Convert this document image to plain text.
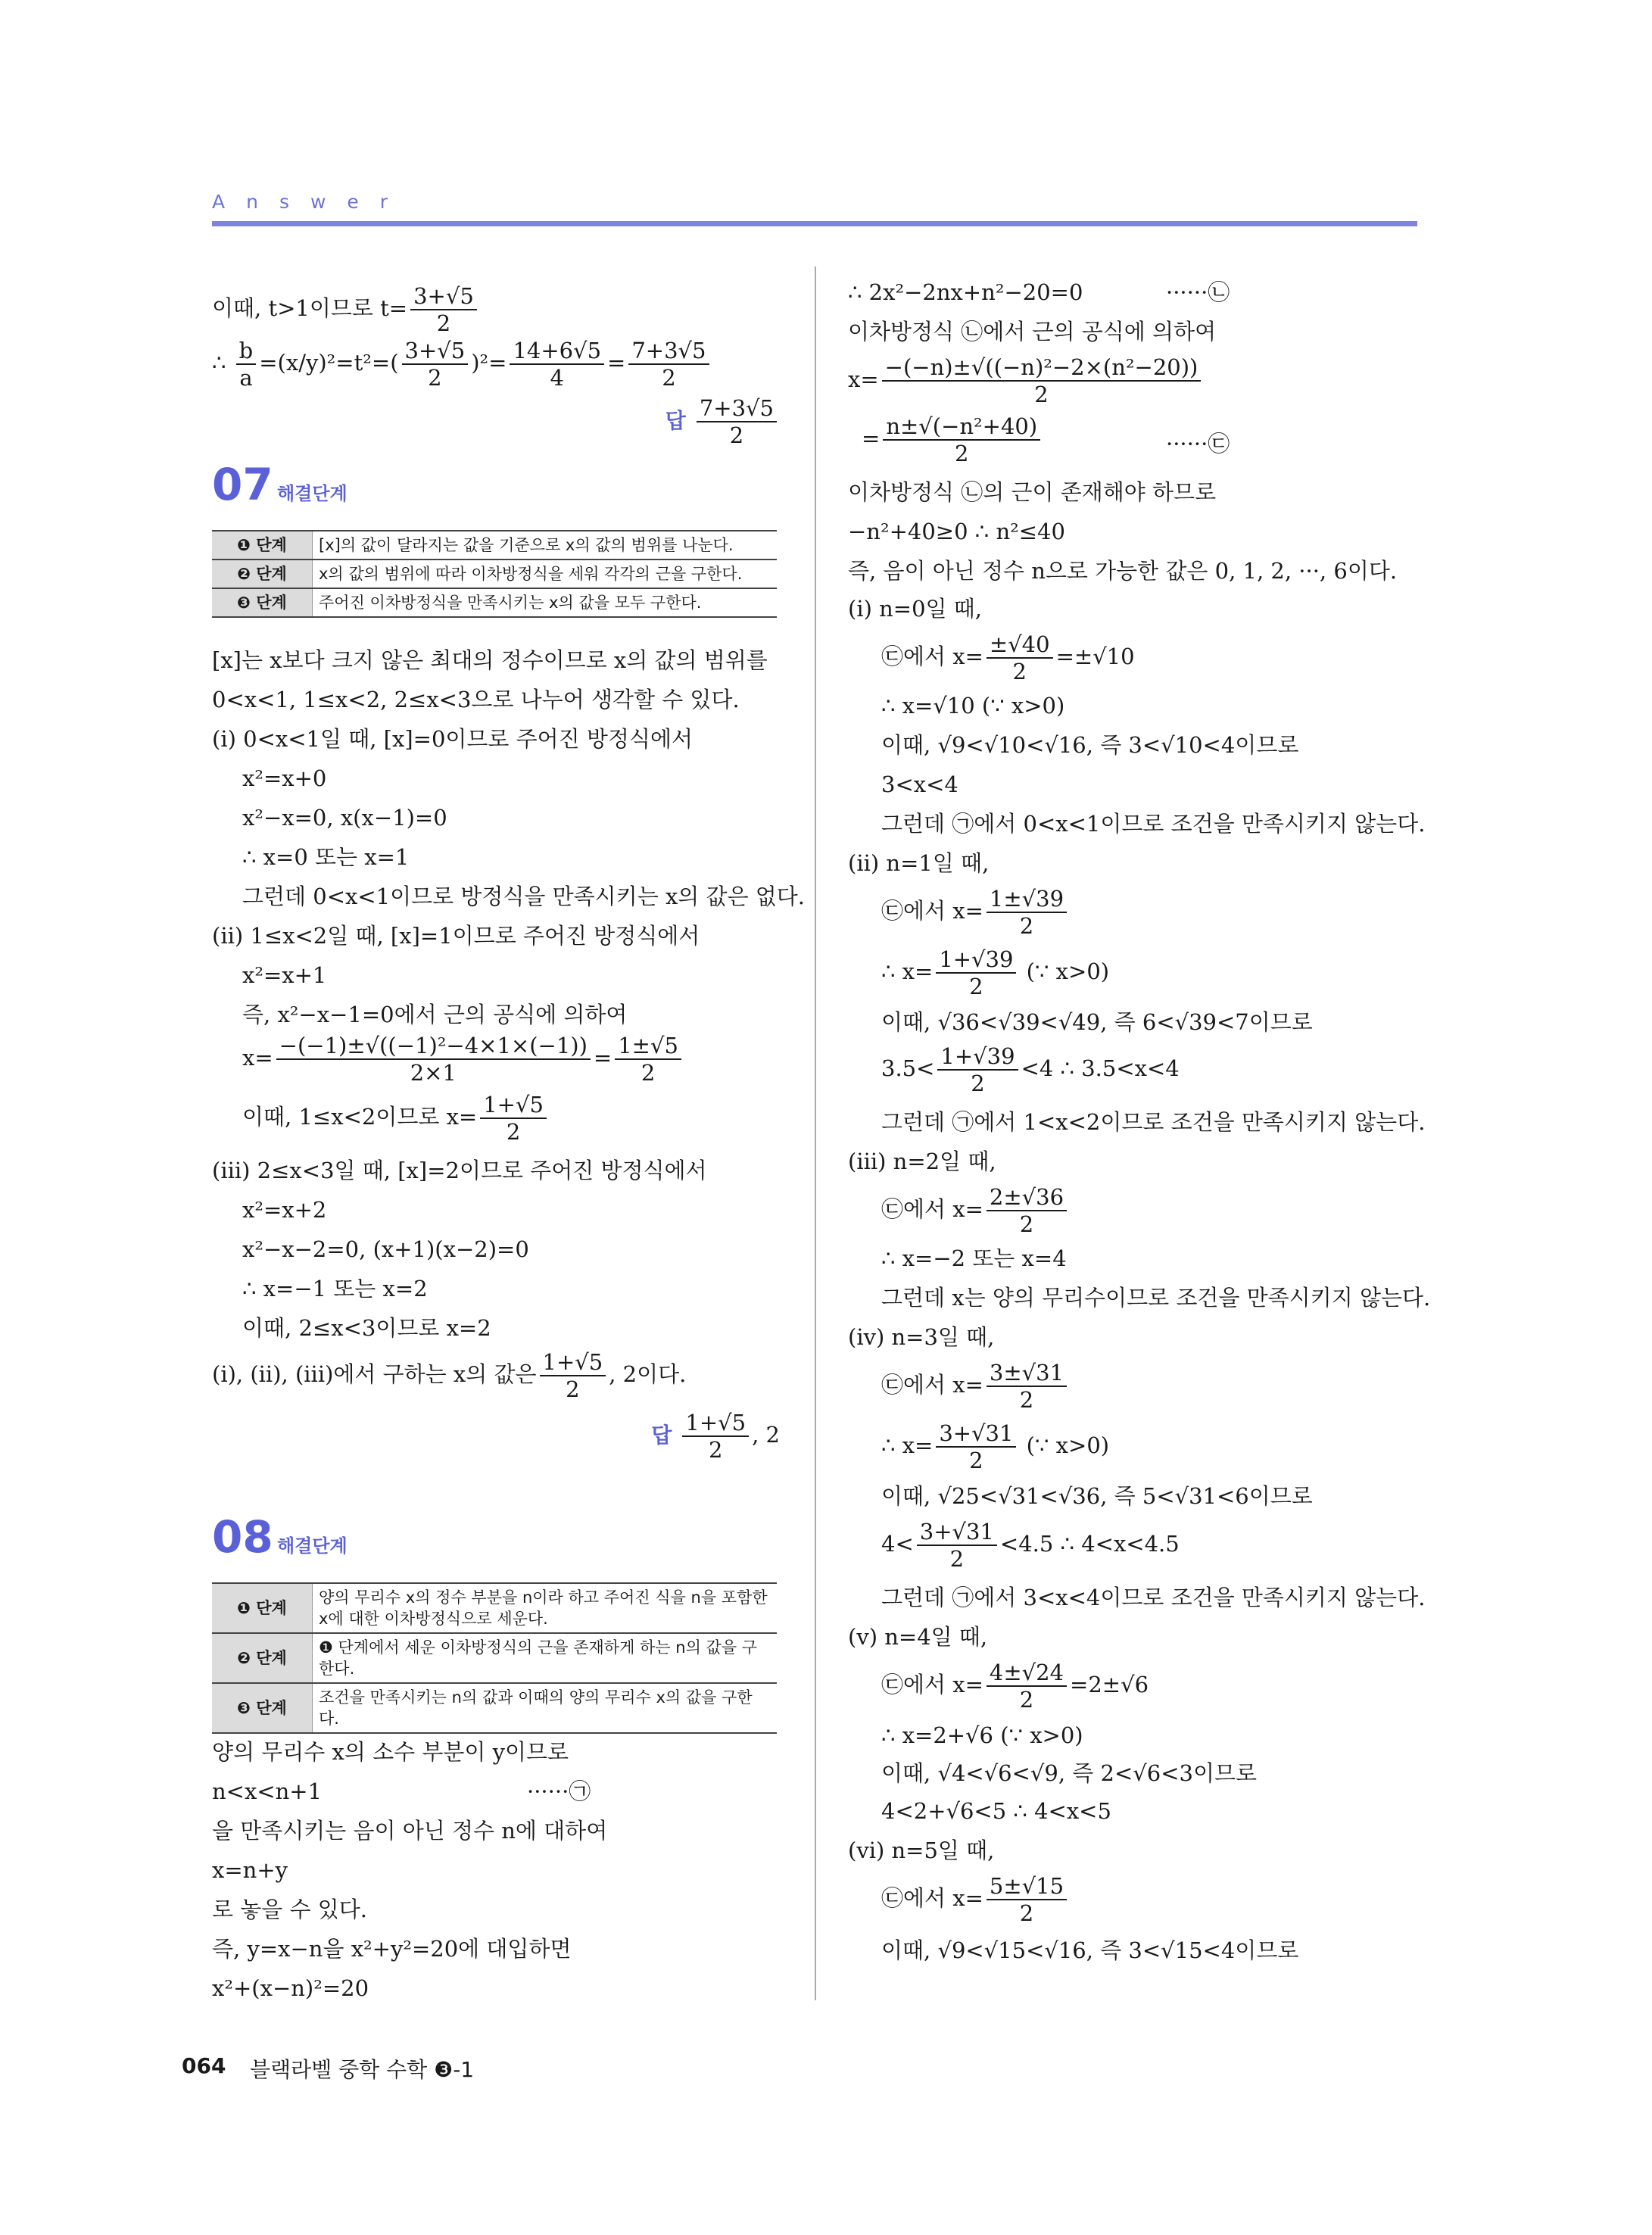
Answer
이때, t>1이므로 $t= \frac{3+√5}{2}$
∴ $\frac{b}{a} =(x/y)^2=t^2=( \frac{3+√5}{2} )^2= \frac{14+6√5}{4} = \frac{7+3√5}{2}$
답 $\frac{7+3√5}{2}$
07 해결단계
❶ 단계	[x]의 값이 달라지는 값을 기준으로 x의 값의 범위를 나눈다.
❷ 단계	x의 값의 범위에 따라 이차방정식을 세워 각각의 근을 구한다.
❸ 단계	주어진 이차방정식을 만족시키는 x의 값을 모두 구한다.
[x]는 x보다 크지 않은 최대의 정수이므로 x의 값의 범위를
0<x<1, 1≤x<2, 2≤x<3으로 나누어 생각할 수 있다.
(i) 0<x<1일 때, [x]=0이므로 주어진 방정식에서
x²=x+0
x²−x=0, x(x−1)=0
∴ x=0 또는 x=1
그런데 0<x<1이므로 방정식을 만족시키는 x의 값은 없다.
(ii) 1≤x<2일 때, [x]=1이므로 주어진 방정식에서
x²=x+1
즉, x²−x−1=0에서 근의 공식에 의하여
$x= \frac{\text{−(−1)±√((−1)²−4×1×(−1))}}{2\times 1} = \frac{1\pm√5}{2}$
이때, 1≤x<2이므로 $x= \frac{1+√5}{2}$
(iii) 2≤x<3일 때, [x]=2이므로 주어진 방정식에서
x²=x+2
x²−x−2=0, (x+1)(x−2)=0
∴ x=−1 또는 x=2
이때, 2≤x<3이므로 x=2
(i), (ii), (iii)에서 구하는 x의 값은 $\frac{1+√5}{2}$ , 2이다.
답 $\frac{1+√5}{2}$ , 2
08 해결단계
❶ 단계	양의 무리수 x의 정수 부분을 n이라 하고 주어진 식을 n을 포함한 x에 대한 이차방정식으로 세운다.
❷ 단계	❶ 단계에서 세운 이차방정식의 근을 존재하게 하는 n의 값을 구한다.
❸ 단계	조건을 만족시키는 n의 값과 이때의 양의 무리수 x의 값을 구한다.
양의 무리수 x의 소수 부분이 y이므로
n<x<n+1	······㉠
을 만족시키는 음이 아닌 정수 n에 대하여
x=n+y
로 놓을 수 있다.
즉, y=x−n을 x²+y²=20에 대입하면
x²+(x−n)²=20
∴ 2x²−2nx+n²−20=0	······㉡
이차방정식 ㉡에서 근의 공식에 의하여
$x= \frac{\text{−(−n)±√((−n)²−2×(n²−20))}}{2}$
= $\frac{\text{n±√(−n²+40)}}{2}$	······㉢
이차방정식 ㉡의 근이 존재해야 하므로
−n²+40≥0 ∴ n²≤40
즉, 음이 아닌 정수 n으로 가능한 값은 0, 1, 2, ···, 6이다.
(i) n=0일 때,
㉢에서 $x= \frac{\pm√40}{2} =\pm√10$
∴ x=√10 (∵ x>0)
이때, √9<√10<√16, 즉 3<√10<4이므로
3<x<4
그런데 ㉠에서 0<x<1이므로 조건을 만족시키지 않는다.
(ii) n=1일 때,
㉢에서 $x= \frac{1\pm√39}{2}$
∴ $x= \frac{1+√39}{2}$ (∵ x>0)
이때, √36<√39<√49, 즉 6<√39<7이므로
$3.5< \frac{1+√39}{2} <4$ ∴ 3.5<x<4
그런데 ㉠에서 1<x<2이므로 조건을 만족시키지 않는다.
(iii) n=2일 때,
㉢에서 $x= \frac{2\pm√36}{2}$
∴ x=−2 또는 x=4
그런데 x는 양의 무리수이므로 조건을 만족시키지 않는다.
(iv) n=3일 때,
㉢에서 $x= \frac{3\pm√31}{2}$
∴ $x= \frac{3+√31}{2}$ (∵ x>0)
이때, √25<√31<√36, 즉 5<√31<6이므로
$4< \frac{3+√31}{2} <4.5$ ∴ 4<x<4.5
그런데 ㉠에서 3<x<4이므로 조건을 만족시키지 않는다.
(v) n=4일 때,
㉢에서 $x= \frac{4\pm√24}{2} =2\pm√6$
∴ x=2+√6 (∵ x>0)
이때, √4<√6<√9, 즉 2<√6<3이므로
4<2+√6<5 ∴ 4<x<5
(vi) n=5일 때,
㉢에서 $x= \frac{5\pm√15}{2}$
이때, √9<√15<√16, 즉 3<√15<4이므로
064 블랙라벨 중학 수학 ❸-1
